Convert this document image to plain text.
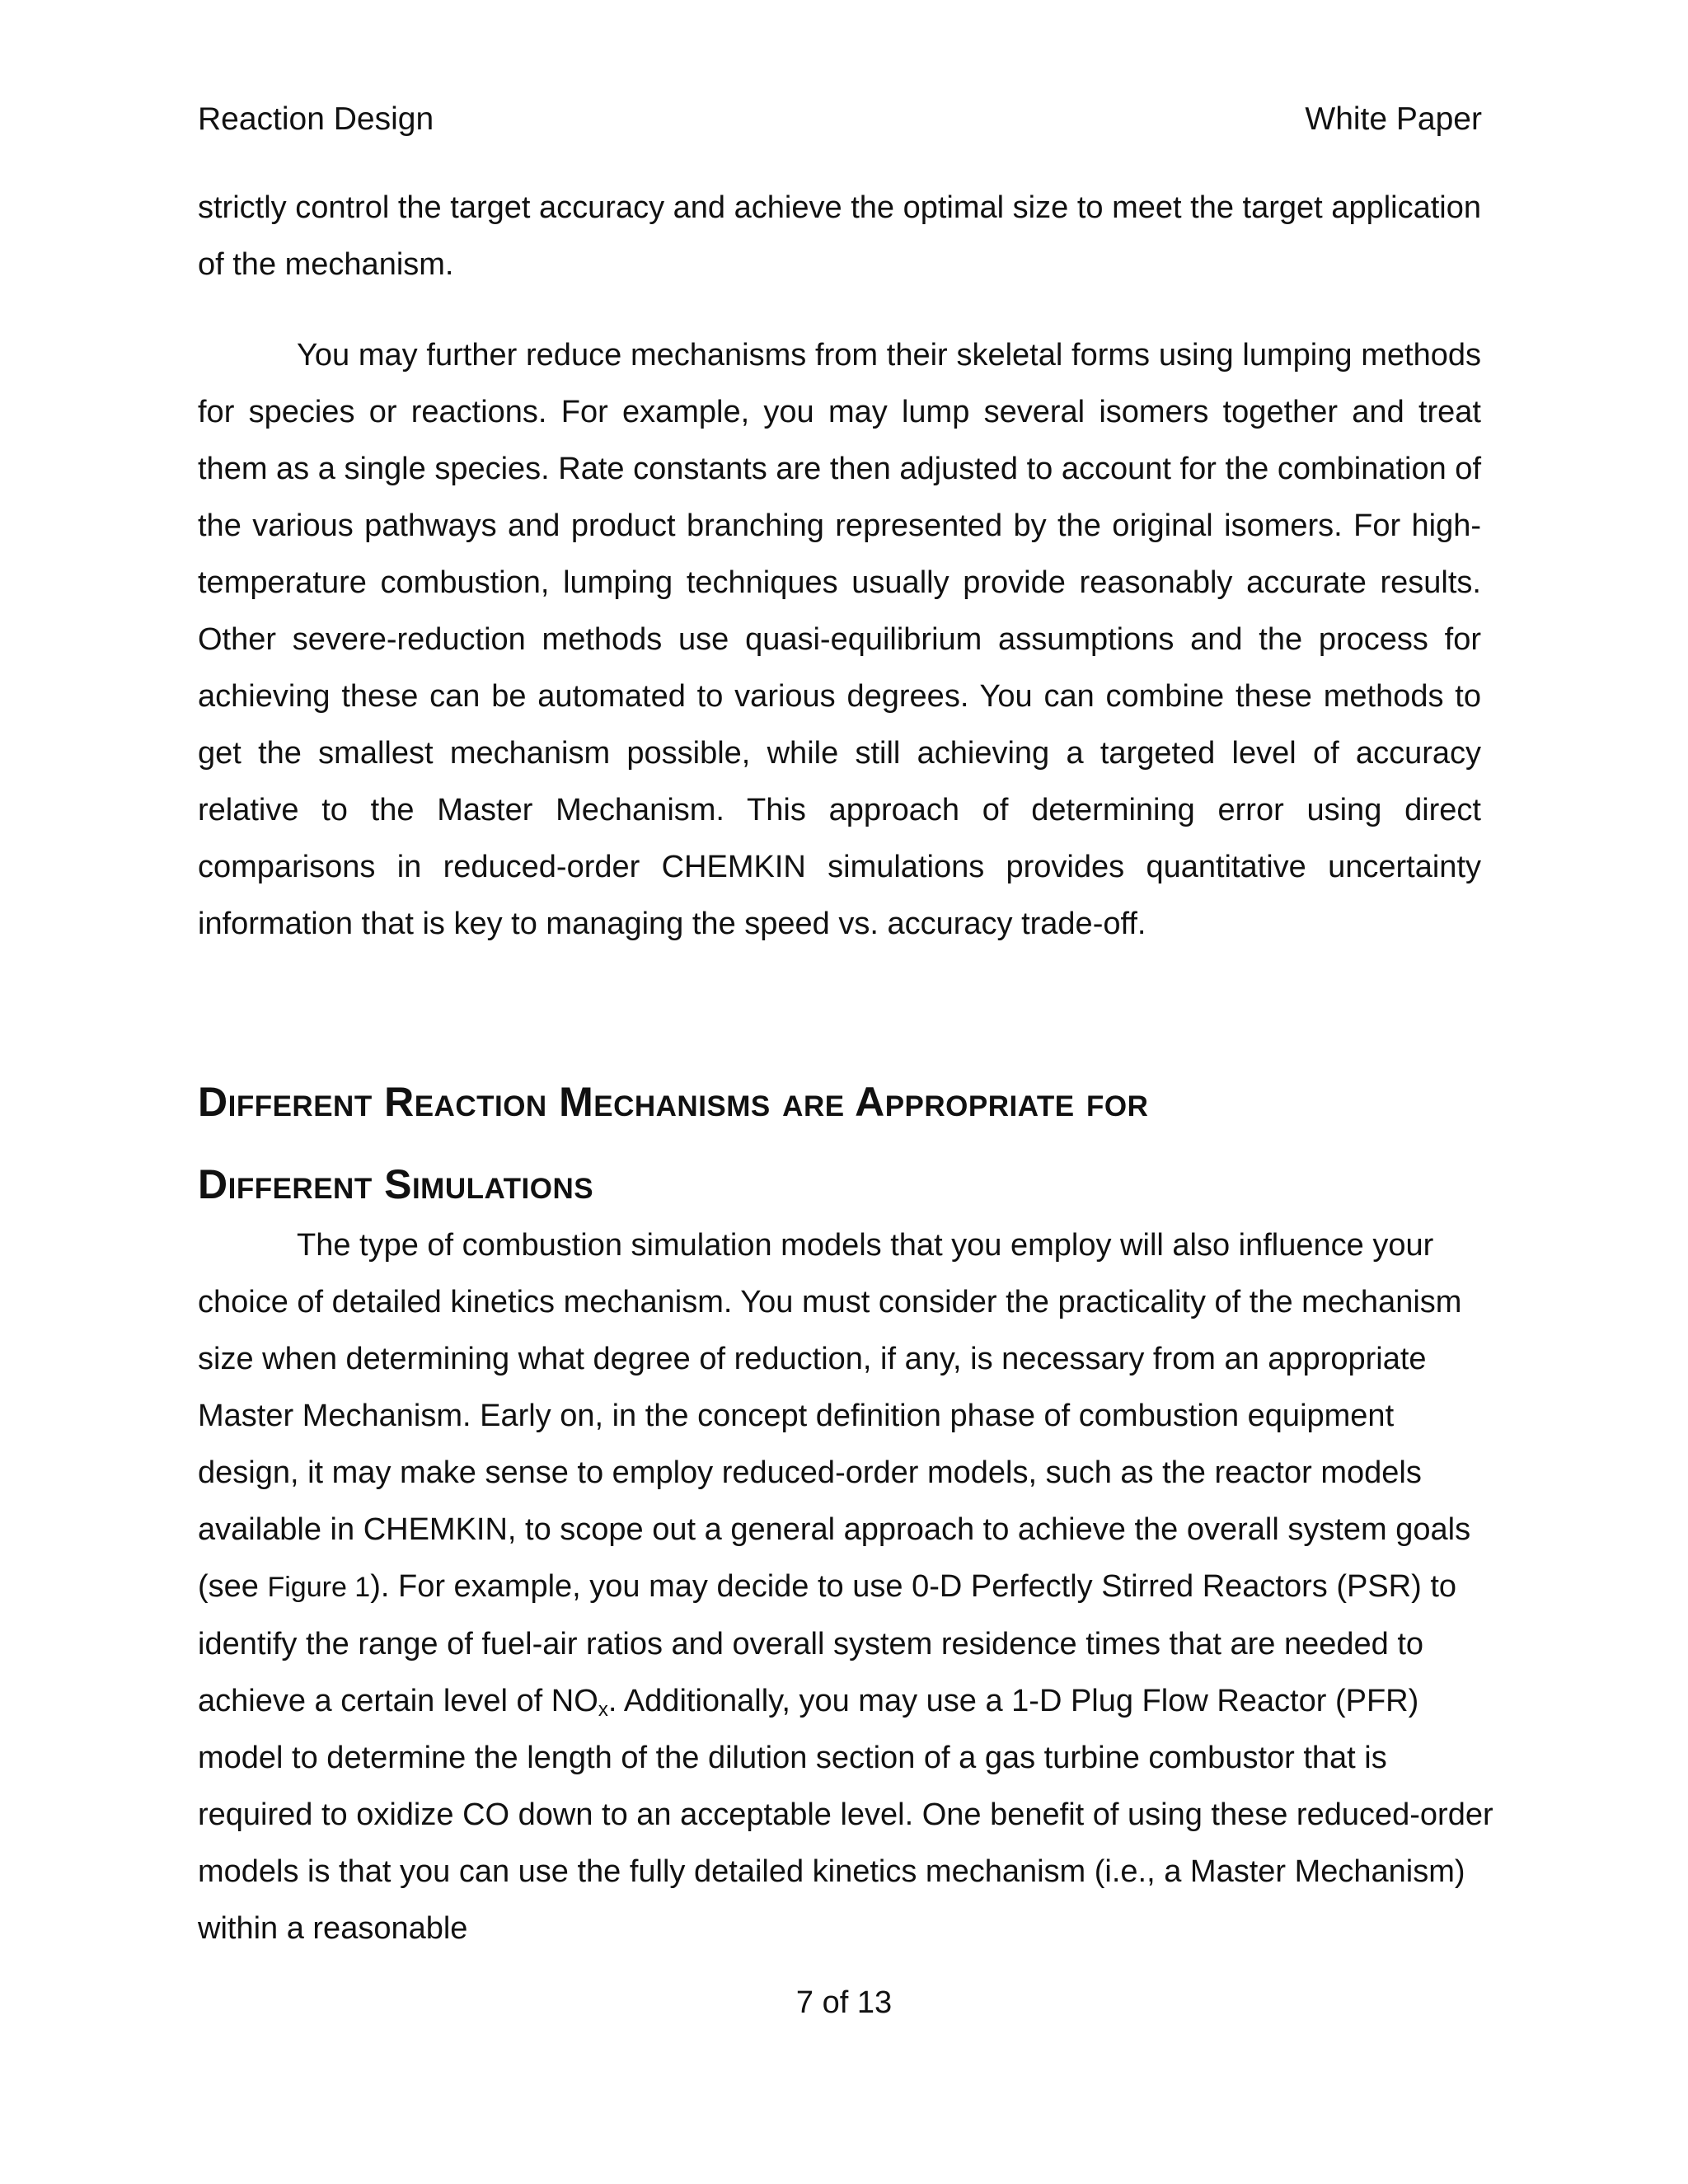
Reaction Design	White Paper

strictly control the target accuracy and achieve the optimal size to meet the target application of the mechanism.

You may further reduce mechanisms from their skeletal forms using lumping methods for species or reactions. For example, you may lump several isomers together and treat them as a single species. Rate constants are then adjusted to account for the combination of the various pathways and product branching represented by the original isomers. For high-temperature combustion, lumping techniques usually provide reasonably accurate results. Other severe-reduction methods use quasi-equilibrium assumptions and the process for achieving these can be automated to various degrees. You can combine these methods to get the smallest mechanism possible, while still achieving a targeted level of accuracy relative to the Master Mechanism. This approach of determining error using direct comparisons in reduced-order CHEMKIN simulations provides quantitative uncertainty information that is key to managing the speed vs. accuracy trade-off.

Different Reaction Mechanisms are Appropriate for
Different Simulations

The type of combustion simulation models that you employ will also influence your choice of detailed kinetics mechanism. You must consider the practicality of the mechanism size when determining what degree of reduction, if any, is necessary from an appropriate Master Mechanism. Early on, in the concept definition phase of combustion equipment design, it may make sense to employ reduced-order models, such as the reactor models available in CHEMKIN, to scope out a general approach to achieve the overall system goals (see Figure 1). For example, you may decide to use 0-D Perfectly Stirred Reactors (PSR) to identify the range of fuel-air ratios and overall system residence times that are needed to achieve a certain level of $NO_x$. Additionally, you may use a 1-D Plug Flow Reactor (PFR) model to determine the length of the dilution section of a gas turbine combustor that is required to oxidize CO down to an acceptable level. One benefit of using these reduced-order models is that you can use the fully detailed kinetics mechanism (i.e., a Master Mechanism) within a reasonable

7 of 13
